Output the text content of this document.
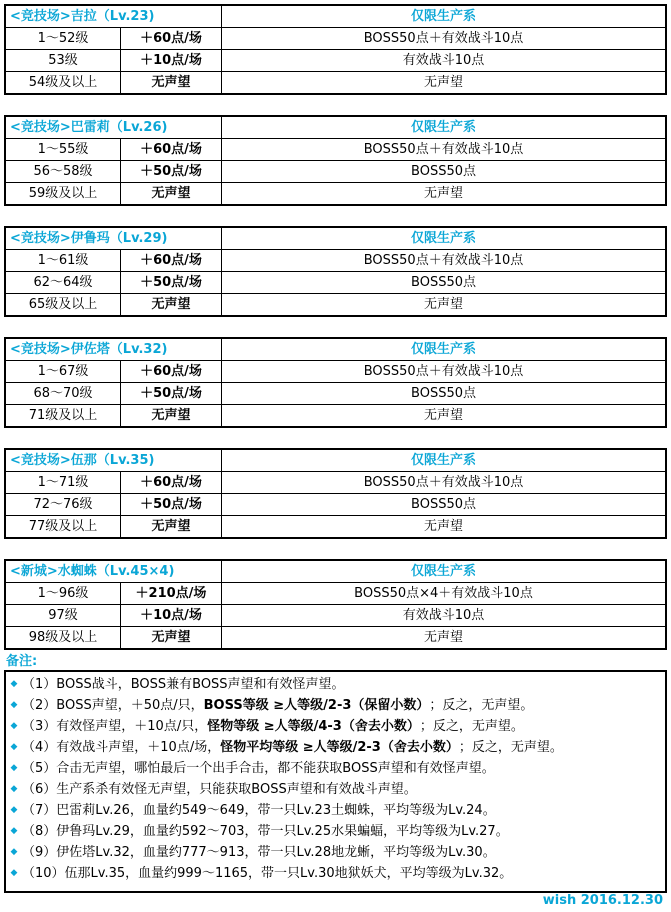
<竞技场>吉拉（Lv.23)		仅限生产系
1～52级	＋60点/场	BOSS50点＋有效战斗10点
53级	＋10点/场	有效战斗10点
54级及以上	无声望	无声望
<竞技场>巴雷莉（Lv.26)		仅限生产系
1～55级	＋60点/场	BOSS50点＋有效战斗10点
56～58级	＋50点/场	BOSS50点
59级及以上	无声望	无声望
<竞技场>伊鲁玛（Lv.29)		仅限生产系
1～61级	＋60点/场	BOSS50点＋有效战斗10点
62～64级	＋50点/场	BOSS50点
65级及以上	无声望	无声望
<竞技场>伊佐塔（Lv.32)		仅限生产系
1～67级	＋60点/场	BOSS50点＋有效战斗10点
68～70级	＋50点/场	BOSS50点
71级及以上	无声望	无声望
<竞技场>伍那（Lv.35)		仅限生产系
1～71级	＋60点/场	BOSS50点＋有效战斗10点
72～76级	＋50点/场	BOSS50点
77级及以上	无声望	无声望
<新城>水蜘蛛（Lv.45×4)		仅限生产系
1～96级	＋210点/场	BOSS50点×4＋有效战斗10点
97级	＋10点/场	有效战斗10点
98级及以上	无声望	无声望
备注:
◆ （1）BOSS战斗，BOSS兼有BOSS声望和有效怪声望。
◆ （2）BOSS声望，＋50点/只， BOSS等级 ≥人等级/2-3（保留小数） ；反之，无声望。
◆ （3）有效怪声望，＋10点/只， 怪物等级 ≥人等级/4-3（舍去小数） ；反之，无声望。
◆ （4）有效战斗声望，＋10点/场， 怪物平均等级 ≥人等级/2-3（舍去小数） ；反之，无声望。
◆ （5）合击无声望，哪怕最后一个出手合击，都不能获取BOSS声望和有效怪声望。
◆ （6）生产系杀有效怪无声望，只能获取BOSS声望和有效战斗声望。
◆ （7）巴雷莉Lv.26，血量约549～649，带一只Lv.23土蜘蛛，平均等级为Lv.24。
◆ （8）伊鲁玛Lv.29，血量约592～703，带一只Lv.25水果蝙蝠，平均等级为Lv.27。
◆ （9）伊佐塔Lv.32，血量约777～913，带一只Lv.28地龙蜥，平均等级为Lv.30。
◆ （10）伍那Lv.35，血量约999～1165，带一只Lv.30地狱妖犬，平均等级为Lv.32。
wish 2016.12.30
